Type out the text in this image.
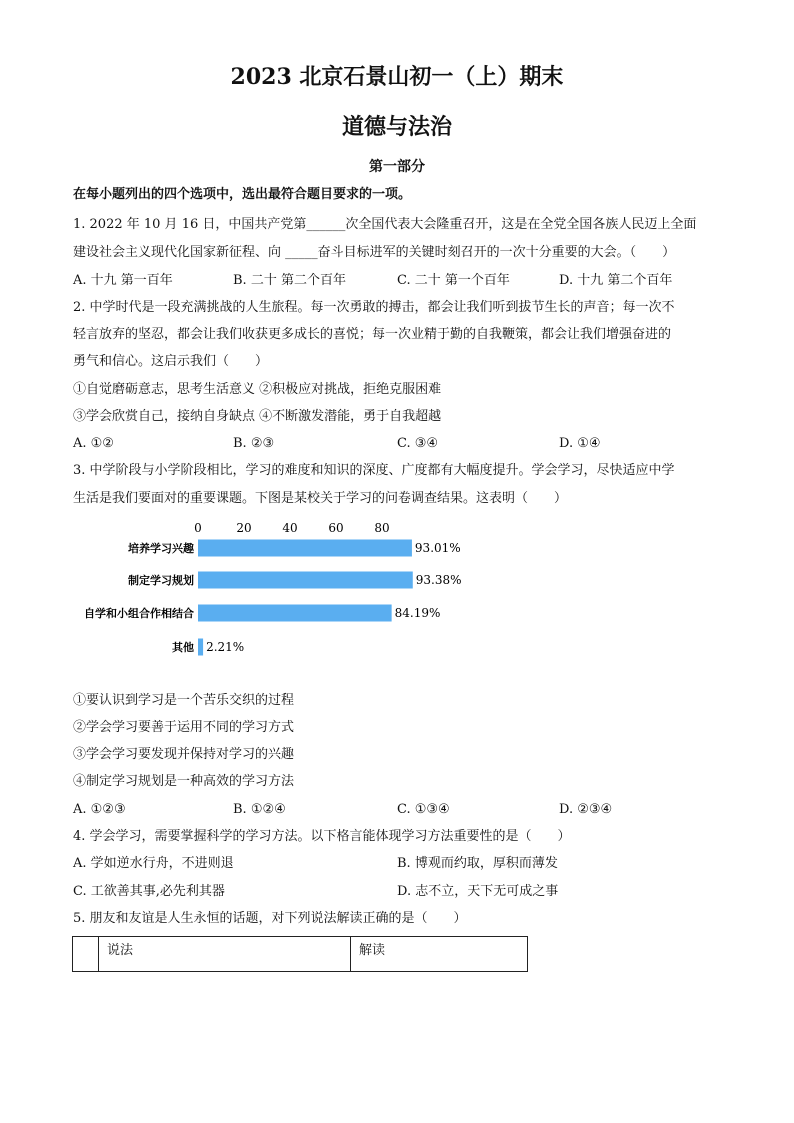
2023 北京石景山初一（上）期末
道德与法治
第一部分
在每小题列出的四个选项中，选出最符合题目要求的一项。
1. 2022 年 10 月 16 日，中国共产党第______次全国代表大会隆重召开，这是在全党全国各族人民迈上全面
建设社会主义现代化国家新征程、向 _____奋斗目标进军的关键时刻召开的一次十分重要的大会。（　　）
A. 十九 第一百年	B. 二十 第二个百年	C. 二十 第一个百年	D. 十九 第二个百年
2. 中学时代是一段充满挑战的人生旅程。每一次勇敢的搏击，都会让我们听到拔节生长的声音；每一次不
轻言放弃的坚忍，都会让我们收获更多成长的喜悦；每一次业精于勤的自我鞭策，都会让我们增强奋进的
勇气和信心。这启示我们（　　）
①自觉磨砺意志，思考生活意义 ②积极应对挑战，拒绝克服困难
③学会欣赏自己，接纳自身缺点 ④不断激发潜能，勇于自我超越
A. ①②	B. ②③	C. ③④	D. ①④
3. 中学阶段与小学阶段相比，学习的难度和知识的深度、广度都有大幅度提升。学会学习，尽快适应中学
生活是我们要面对的重要课题。下图是某校关于学习的问卷调查结果。这表明（　　）
0	20	40	60	80
培养学习兴趣	93.01%
制定学习规划	93.38%
自学和小组合作相结合	84.19%
其他 2.21%
①要认识到学习是一个苦乐交织的过程
②学会学习要善于运用不同的学习方式
③学会学习要发现并保持对学习的兴趣
④制定学习规划是一种高效的学习方法
A. ①②③	B. ①②④	C. ①③④	D. ②③④
4. 学会学习，需要掌握科学的学习方法。以下格言能体现学习方法重要性的是（　　）
A. 学如逆水行舟，不进则退	B. 博观而约取，厚积而薄发
C. 工欲善其事,必先利其器	D. 志不立，天下无可成之事
5. 朋友和友谊是人生永恒的话题，对下列说法解读正确的是（　　）
说法	解读
